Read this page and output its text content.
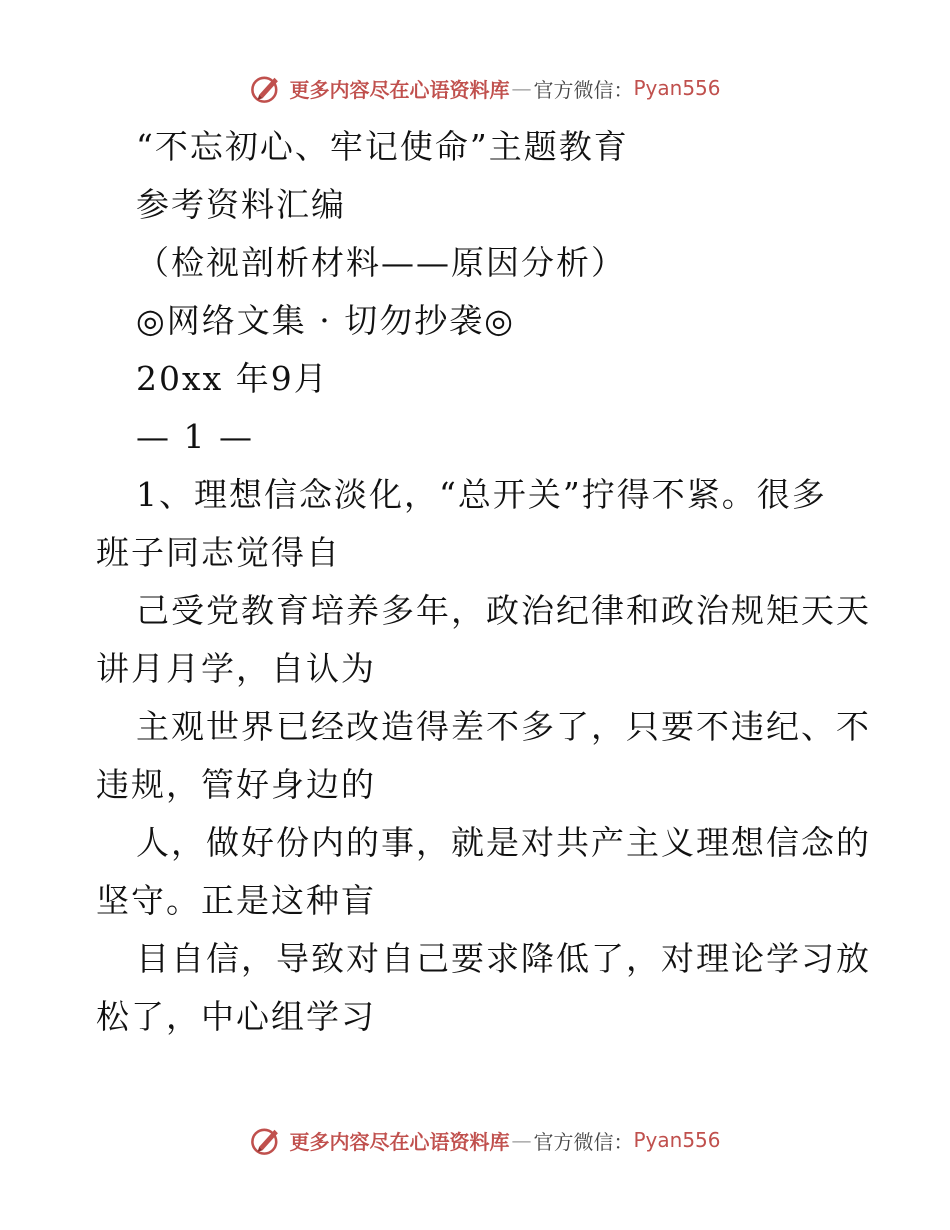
更多内容尽在心语资料库 — 官方微信： Pyan556
“不忘初心、牢记使命”主题教育
参考资料汇编
（检视剖析材料——原因分析）
◎网络文集 · 切勿抄袭◎
20xx 年9月
— 1 —
1、理想信念淡化，“总开关”拧得不紧。很多
班子同志觉得自
己受党教育培养多年，政治纪律和政治规矩天天
讲月月学，自认为
主观世界已经改造得差不多了，只要不违纪、不
违规，管好身边的
人，做好份内的事，就是对共产主义理想信念的
坚守。正是这种盲
目自信，导致对自己要求降低了，对理论学习放
松了，中心组学习
更多内容尽在心语资料库 — 官方微信： Pyan556
